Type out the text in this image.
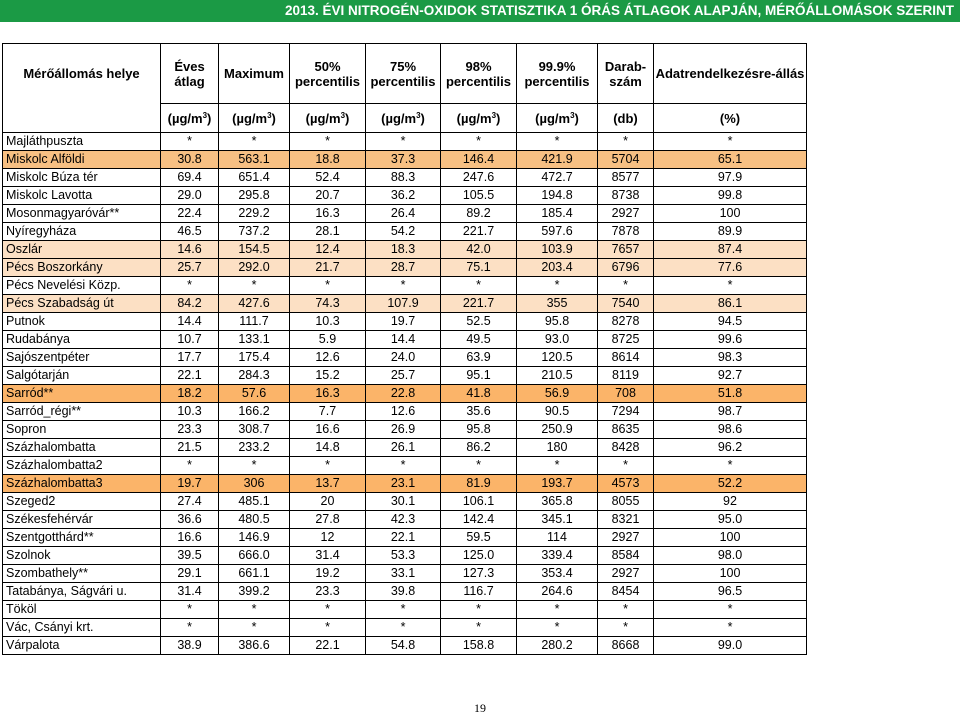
2013. ÉVI NITROGÉN-OXIDOK STATISZTIKA 1 ÓRÁS ÁTLAGOK ALAPJÁN, MÉRŐÁLLOMÁSOK SZERINT
Mérőállomás helye	Éves átlag	Maximum	50% percentilis	75% percentilis	98% percentilis	99.9% percentilis	Darab-szám	Adatrendelkezésre-állás

	$(\mu g/m^3)$	$(\mu g/m^3)$	$(\mu g/m^3)$	$(\mu g/m^3)$	$(\mu g/m^3)$	$(\mu g/m^3)$	(db)	(%)
Majláthpuszta	*	*	*	*	*	*	*	*
Miskolc Alföldi	30.8	563.1	18.8	37.3	146.4	421.9	5704	65.1
Miskolc Búza tér	69.4	651.4	52.4	88.3	247.6	472.7	8577	97.9
Miskolc Lavotta	29.0	295.8	20.7	36.2	105.5	194.8	8738	99.8
Mosonmagyaróvár**	22.4	229.2	16.3	26.4	89.2	185.4	2927	100
Nyíregyháza	46.5	737.2	28.1	54.2	221.7	597.6	7878	89.9
Oszlár	14.6	154.5	12.4	18.3	42.0	103.9	7657	87.4
Pécs Boszorkány	25.7	292.0	21.7	28.7	75.1	203.4	6796	77.6
Pécs Nevelési Közp.	*	*	*	*	*	*	*	*
Pécs Szabadság út	84.2	427.6	74.3	107.9	221.7	355	7540	86.1
Putnok	14.4	111.7	10.3	19.7	52.5	95.8	8278	94.5
Rudabánya	10.7	133.1	5.9	14.4	49.5	93.0	8725	99.6
Sajószentpéter	17.7	175.4	12.6	24.0	63.9	120.5	8614	98.3
Salgótarján	22.1	284.3	15.2	25.7	95.1	210.5	8119	92.7
Sarród**	18.2	57.6	16.3	22.8	41.8	56.9	708	51.8
Sarród_régi**	10.3	166.2	7.7	12.6	35.6	90.5	7294	98.7
Sopron	23.3	308.7	16.6	26.9	95.8	250.9	8635	98.6
Százhalombatta	21.5	233.2	14.8	26.1	86.2	180	8428	96.2
Százhalombatta2	*	*	*	*	*	*	*	*
Százhalombatta3	19.7	306	13.7	23.1	81.9	193.7	4573	52.2
Szeged2	27.4	485.1	20	30.1	106.1	365.8	8055	92
Székesfehérvár	36.6	480.5	27.8	42.3	142.4	345.1	8321	95.0
Szentgotthárd**	16.6	146.9	12	22.1	59.5	114	2927	100
Szolnok	39.5	666.0	31.4	53.3	125.0	339.4	8584	98.0
Szombathely**	29.1	661.1	19.2	33.1	127.3	353.4	2927	100
Tatabánya, Ságvári u.	31.4	399.2	23.3	39.8	116.7	264.6	8454	96.5
Tököl	*	*	*	*	*	*	*	*
Vác, Csányi krt.	*	*	*	*	*	*	*	*
Várpalota	38.9	386.6	22.1	54.8	158.8	280.2	8668	99.0
19
